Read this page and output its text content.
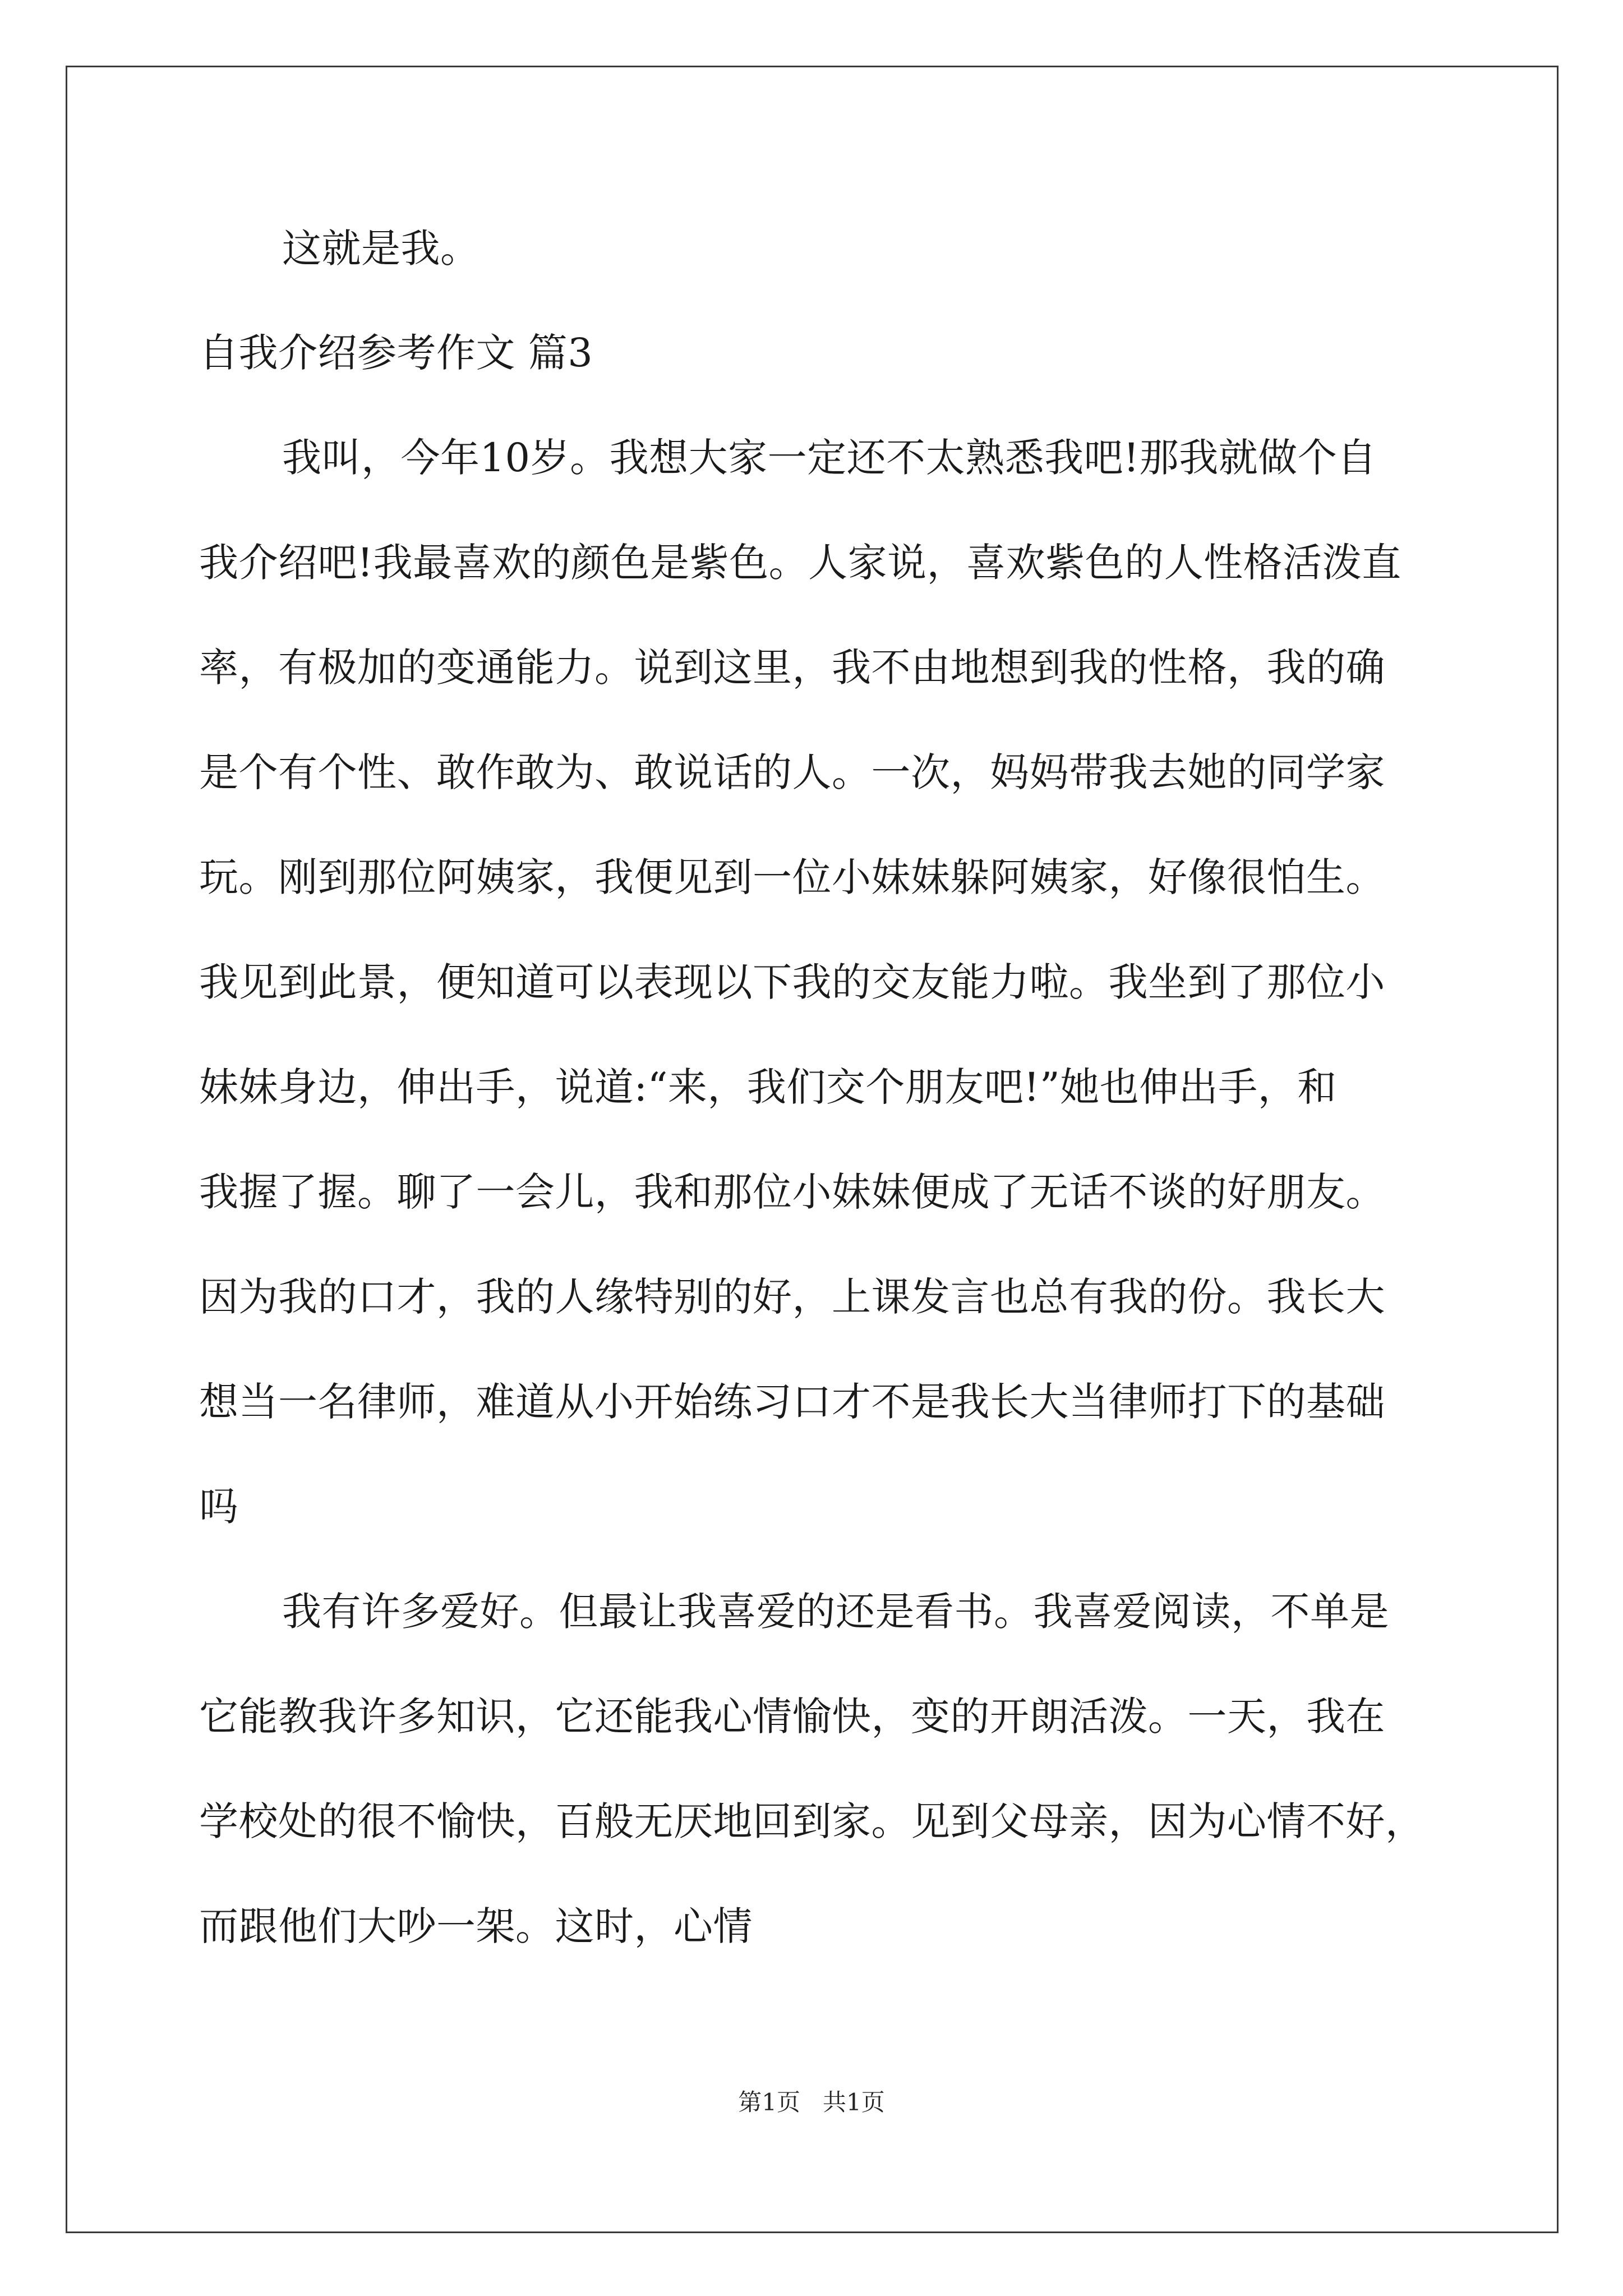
这就是我。
自我介绍参考作文 篇3
我叫，今年10岁。我想大家一定还不太熟悉我吧!那我就做个自
我介绍吧!我最喜欢的颜色是紫色。人家说，喜欢紫色的人性格活泼直
率，有极加的变通能力。说到这里，我不由地想到我的性格，我的确
是个有个性、敢作敢为、敢说话的人。一次，妈妈带我去她的同学家
玩。刚到那位阿姨家，我便见到一位小妹妹躲阿姨家，好像很怕生。
我见到此景，便知道可以表现以下我的交友能力啦。我坐到了那位小
妹妹身边，伸出手，说道:“来，我们交个朋友吧!”她也伸出手，和
我握了握。聊了一会儿，我和那位小妹妹便成了无话不谈的好朋友。
因为我的口才，我的人缘特别的好，上课发言也总有我的份。我长大
想当一名律师，难道从小开始练习口才不是我长大当律师打下的基础
吗
我有许多爱好。但最让我喜爱的还是看书。我喜爱阅读，不单是
它能教我许多知识，它还能我心情愉快，变的开朗活泼。一天，我在
学校处的很不愉快，百般无厌地回到家。见到父母亲，因为心情不好，
而跟他们大吵一架。这时，心情
第1页 共1页
